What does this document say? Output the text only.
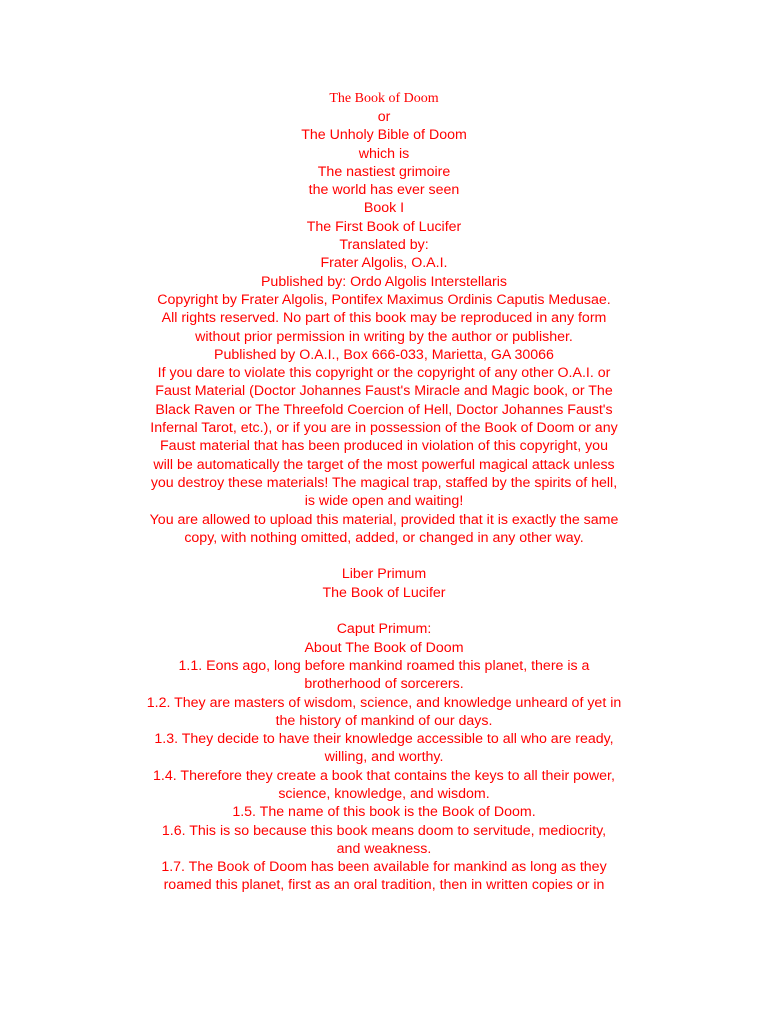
The Book of Doom

or

The Unholy Bible of Doom

which is

The nastiest grimoire

the world has ever seen

Book I

The First Book of Lucifer

Translated by:

Frater Algolis, O.A.I.

Published by: Ordo Algolis Interstellaris

Copyright by Frater Algolis, Pontifex Maximus Ordinis Caputis Medusae.

All rights reserved. No part of this book may be reproduced in any form

without prior permission in writing by the author or publisher.

Published by O.A.I., Box 666-033, Marietta, GA 30066

If you dare to violate this copyright or the copyright of any other O.A.I. or

Faust Material (Doctor Johannes Faust's Miracle and Magic book, or The

Black Raven or The Threefold Coercion of Hell, Doctor Johannes Faust's

Infernal Tarot, etc.), or if you are in possession of the Book of Doom or any

Faust material that has been produced in violation of this copyright, you

will be automatically the target of the most powerful magical attack unless

you destroy these materials! The magical trap, staffed by the spirits of hell,

is wide open and waiting!

You are allowed to upload this material, provided that it is exactly the same

copy, with nothing omitted, added, or changed in any other way.

Liber Primum

The Book of Lucifer

Caput Primum:

About The Book of Doom

1.1. Eons ago, long before mankind roamed this planet, there is a

brotherhood of sorcerers.

1.2. They are masters of wisdom, science, and knowledge unheard of yet in

the history of mankind of our days.

1.3. They decide to have their knowledge accessible to all who are ready,

willing, and worthy.

1.4. Therefore they create a book that contains the keys to all their power,

science, knowledge, and wisdom.

1.5. The name of this book is the Book of Doom.

1.6. This is so because this book means doom to servitude, mediocrity,

and weakness.

1.7. The Book of Doom has been available for mankind as long as they

roamed this planet, first as an oral tradition, then in written copies or in
